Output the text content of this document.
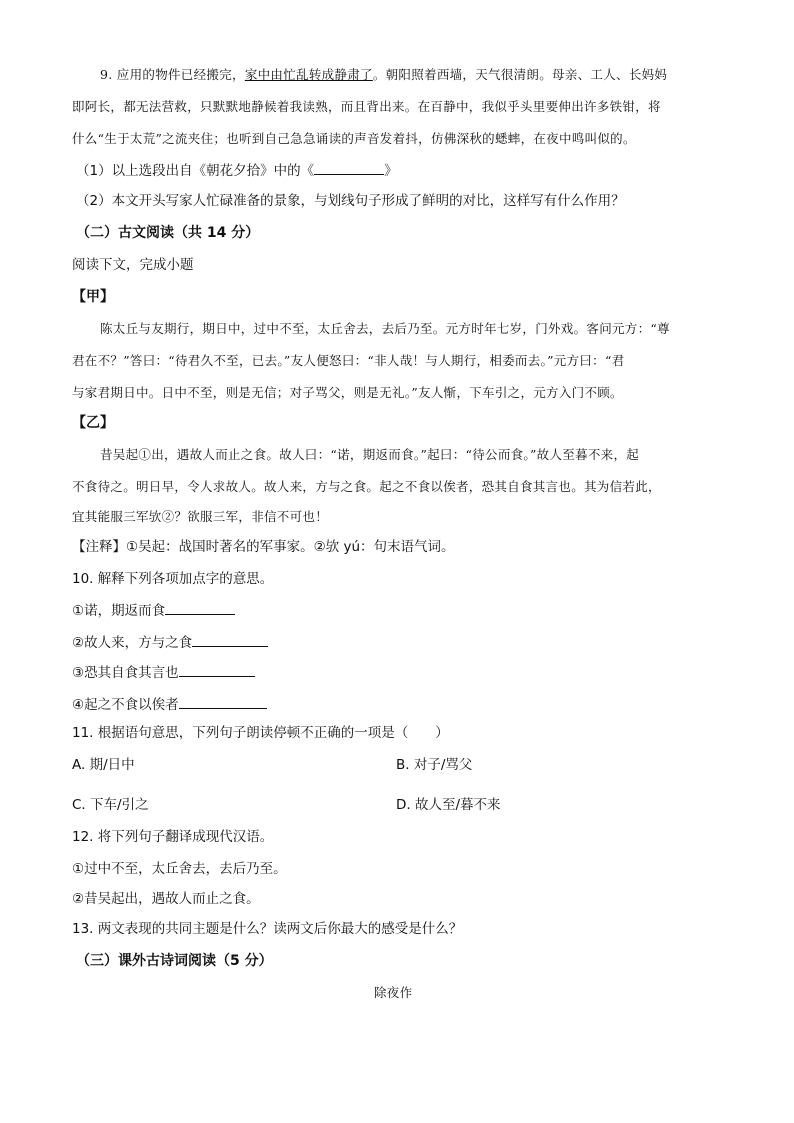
9. 应用的物件已经搬完，家中由忙乱转成静肃了。朝阳照着西墙，天气很清朗。母亲、工人、长妈妈
即阿长，都无法营救，只默默地静候着我读熟，而且背出来。在百静中，我似乎头里要伸出许多铁钳，将
什么“生于太荒”之流夹住；也听到自己急急诵读的声音发着抖，仿佛深秋的蟋蟀，在夜中鸣叫似的。
（1）以上选段出自《朝花夕拾》中的《	》
（2）本文开头写家人忙碌准备的景象，与划线句子形成了鲜明的对比，这样写有什么作用？
（二）古文阅读（共 14 分）
阅读下文，完成小题
【甲】
陈太丘与友期行，期日中，过中不至，太丘舍去，去后乃至。元方时年七岁，门外戏。客问元方：“尊
君在不？”答曰：“待君久不至，已去。”友人便怒曰：“非人哉！与人期行，相委而去。”元方曰：“君
与家君期日中。日中不至，则是无信；对子骂父，则是无礼。”友人惭，下车引之，元方入门不顾。
【乙】
昔吴起①出，遇故人而止之食。故人曰：“诺，期返而食。”起曰：“待公而食。”故人至暮不来，起
不食待之。明日早，令人求故人。故人来，方与之食。起之不食以俟者，恐其自食其言也。其为信若此，
宜其能服三军欤②？欲服三军，非信不可也！
【注释】①吴起：战国时著名的军事家。②欤 yú：句末语气词。
10. 解释下列各项加点字的意思。
①诺，期返而食
②故人来，方与之食
③恐其自食其言也
④起之不食以俟者
11. 根据语句意思，下列句子朗读停顿不正确的一项是（　　）
A. 期/日中	B. 对子/骂父
C. 下车/引之	D. 故人至/暮不来
12. 将下列句子翻译成现代汉语。
①过中不至，太丘舍去，去后乃至。
②昔吴起出，遇故人而止之食。
13. 两文表现的共同主题是什么？读两文后你最大的感受是什么？
（三）课外古诗词阅读（5 分）
除夜作
